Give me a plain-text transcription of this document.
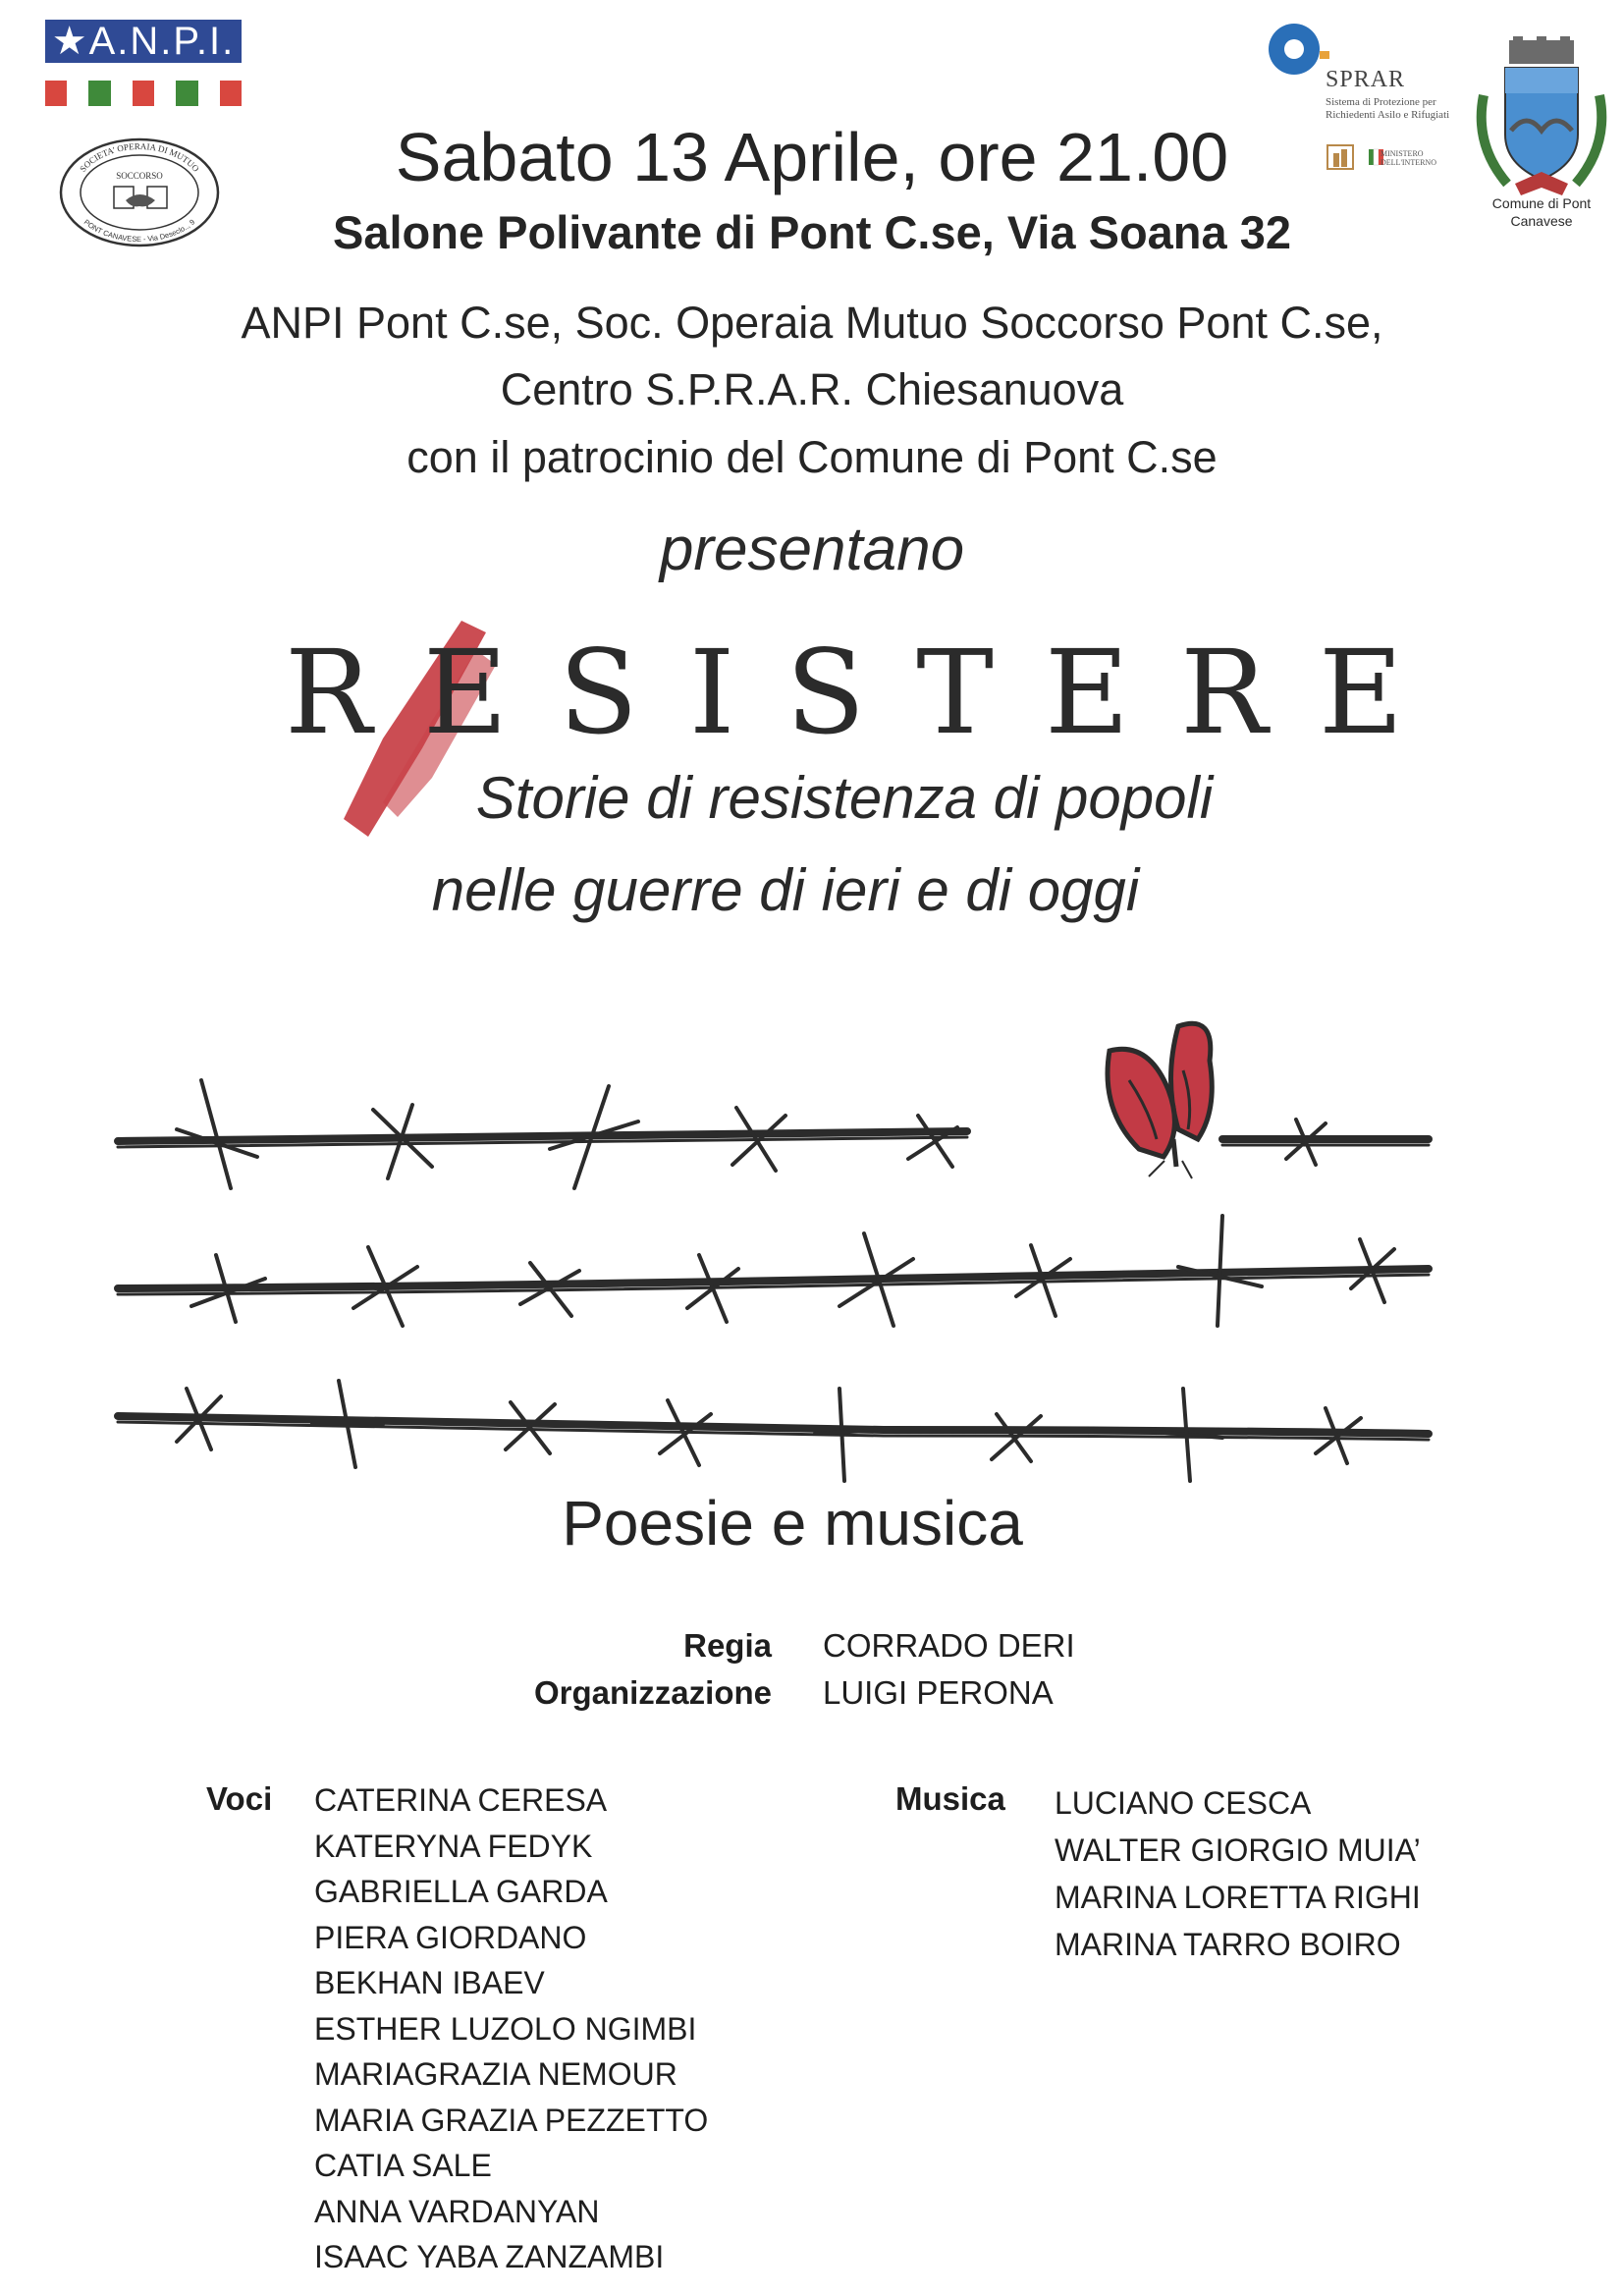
★A.N.P.I.
SOCIETA' OPERAIA DI MUTUO
SOCCORSO
PONT CANAVESE - Via Deseclo.., 9
SPRAR
Sistema di Protezione per Richiedenti Asilo e Rifugiati
MINISTERO DELL'INTERNO
Comune di Pont Canavese
Sabato 13 Aprile, ore 21.00
Salone Polivante di Pont C.se, Via Soana 32
ANPI Pont C.se, Soc. Operaia Mutuo Soccorso Pont C.se,
Centro S.P.R.A.R. Chiesanuova
con il patrocinio del Comune di Pont C.se
presentano
RESISTERE
Storie di resistenza di popoli
nelle guerre di ieri e di oggi
Poesie e musica
Regia CORRADO DERI
Organizzazione LUIGI PERONA
Voci CATERINA CERESA
KATERYNA FEDYK
GABRIELLA GARDA
PIERA GIORDANO
BEKHAN IBAEV
ESTHER LUZOLO NGIMBI
MARIAGRAZIA NEMOUR
MARIA GRAZIA PEZZETTO
CATIA SALE
ANNA VARDANYAN
ISAAC YABA ZANZAMBI
Musica LUCIANO CESCA
WALTER GIORGIO MUIA’
MARINA LORETTA RIGHI
MARINA TARRO BOIRO
